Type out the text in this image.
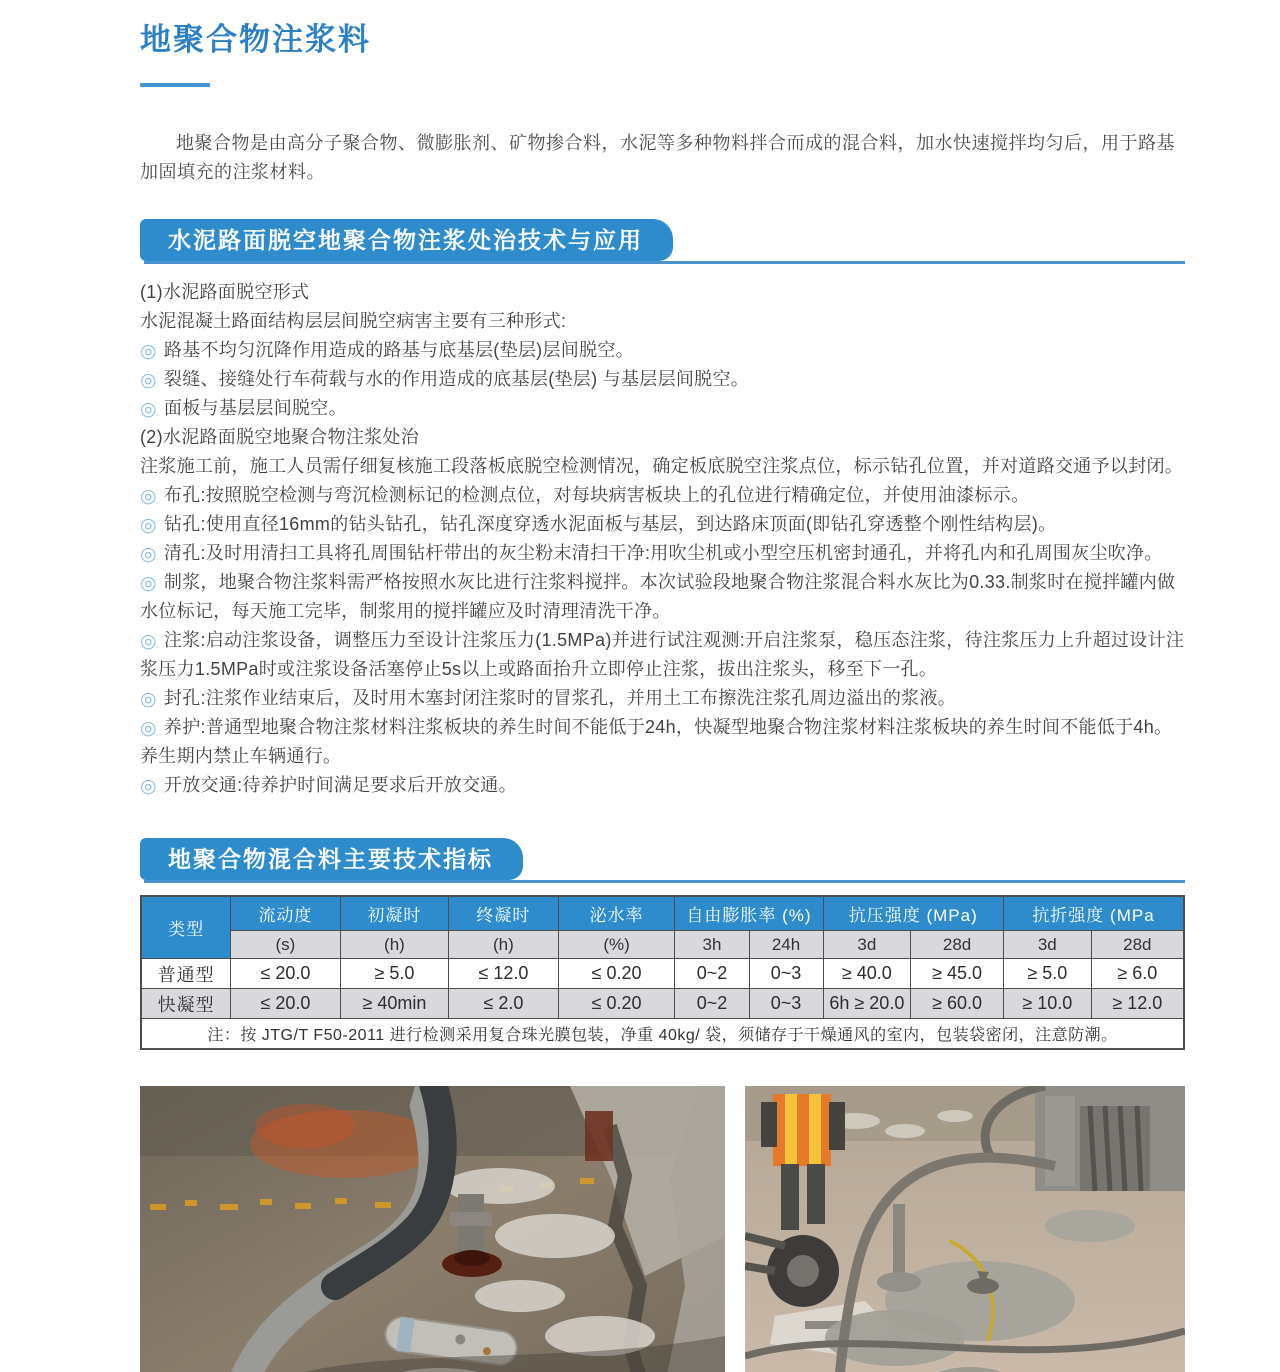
地聚合物注浆料

地聚合物是由高分子聚合物、微膨胀剂、矿物掺合料，水泥等多种物料拌合而成的混合料，加水快速搅拌均匀后，用于路基加固填充的注浆材料。

水泥路面脱空地聚合物注浆处治技术与应用

(1)水泥路面脱空形式

水泥混凝土路面结构层层间脱空病害主要有三种形式:

◎ 路基不均匀沉降作用造成的路基与底基层(垫层)层间脱空。

◎ 裂缝、接缝处行车荷载与水的作用造成的底基层(垫层) 与基层层间脱空。

◎ 面板与基层层间脱空。

(2)水泥路面脱空地聚合物注浆处治

注浆施工前，施工人员需仔细复核施工段落板底脱空检测情况，确定板底脱空注浆点位，标示钻孔位置，并对道路交通予以封闭。

◎ 布孔:按照脱空检测与弯沉检测标记的检测点位，对每块病害板块上的孔位进行精确定位，并使用油漆标示。

◎ 钻孔:使用直径16mm的钻头钻孔，钻孔深度穿透水泥面板与基层，到达路床顶面(即钻孔穿透整个刚性结构层)。

◎ 清孔:及时用清扫工具将孔周围钻杆带出的灰尘粉末清扫干净:用吹尘机或小型空压机密封通孔，并将孔内和孔周围灰尘吹净。

◎ 制浆，地聚合物注浆料需严格按照水灰比进行注浆料搅拌。本次试验段地聚合物注浆混合料水灰比为0.33.制浆时在搅拌罐内做水位标记，每天施工完毕，制浆用的搅拌罐应及时清理清洗干净。

◎ 注浆:启动注浆设备，调整压力至设计注浆压力(1.5MPa)并进行试注观测:开启注浆泵，稳压态注浆，待注浆压力上升超过设计注浆压力1.5MPa时或注浆设备活塞停止5s以上或路面抬升立即停止注浆，拔出注浆头，移至下一孔。

◎ 封孔:注浆作业结束后，及时用木塞封闭注浆时的冒浆孔，并用土工布擦洗注浆孔周边溢出的浆液。

◎ 养护:普通型地聚合物注浆材料注浆板块的养生时间不能低于24h，快凝型地聚合物注浆材料注浆板块的养生时间不能低于4h。养生期内禁止车辆通行。

◎ 开放交通:待养护时间满足要求后开放交通。

地聚合物混合料主要技术指标
类型	流动度	初凝时	终凝时	泌水率	自由膨胀率 (%)		抗压强度 (MPa)		抗折强度 (MPa	
	(s)	(h)	(h)	(%)	3h	24h	3d	28d	3d	28d
普通型	≤ 20.0	≥ 5.0	≤ 12.0	≤ 0.20	0~2	0~3	≥ 40.0	≥ 45.0	≥ 5.0	≥ 6.0
快凝型	≤ 20.0	≥ 40min	≤ 2.0	≤ 0.20	0~2	0~3	6h ≥ 20.0	≥ 60.0	≥ 10.0	≥ 12.0
注：按 JTG/T F50-2011 进行检测采用复合珠光膜包装，净重 40kg/ 袋，须储存于干燥通风的室内，包装袋密闭，注意防潮。										
